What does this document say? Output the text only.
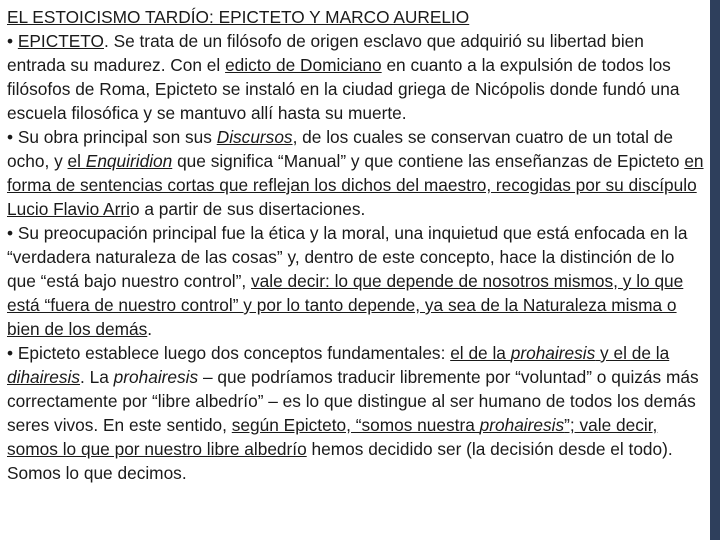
EL ESTOICISMO TARDÍO: EPICTETO Y MARCO AURELIO

• EPICTETO. Se trata de un filósofo de origen esclavo que adquirió su libertad bien entrada su madurez. Con el edicto de Domiciano en cuanto a la expulsión de todos los filósofos de Roma, Epicteto se instaló en la ciudad griega de Nicópolis donde fundó una escuela filosófica y se mantuvo allí hasta su muerte.

• Su obra principal son sus Discursos, de los cuales se conservan cuatro de un total de ocho, y el Enquiridion que significa “Manual” y que contiene las enseñanzas de Epicteto en forma de sentencias cortas que reflejan los dichos del maestro, recogidas por su discípulo Lucio Flavio Arrio a partir de sus disertaciones.

• Su preocupación principal fue la ética y la moral, una inquietud que está enfocada en la “verdadera naturaleza de las cosas” y, dentro de este concepto, hace la distinción de lo que “está bajo nuestro control”, vale decir: lo que depende de nosotros mismos, y lo que está “fuera de nuestro control” y por lo tanto depende, ya sea de la Naturaleza misma o bien de los demás.

• Epicteto establece luego dos conceptos fundamentales: el de la prohairesis y el de la dihairesis. La prohairesis – que podríamos traducir libremente por “voluntad” o quizás más correctamente por “libre albedrío” – es lo que distingue al ser humano de todos los demás seres vivos. En este sentido, según Epicteto, “somos nuestra prohairesis”; vale decir, somos lo que por nuestro libre albedrío hemos decidido ser (la decisión desde el todo). Somos lo que decimos.
